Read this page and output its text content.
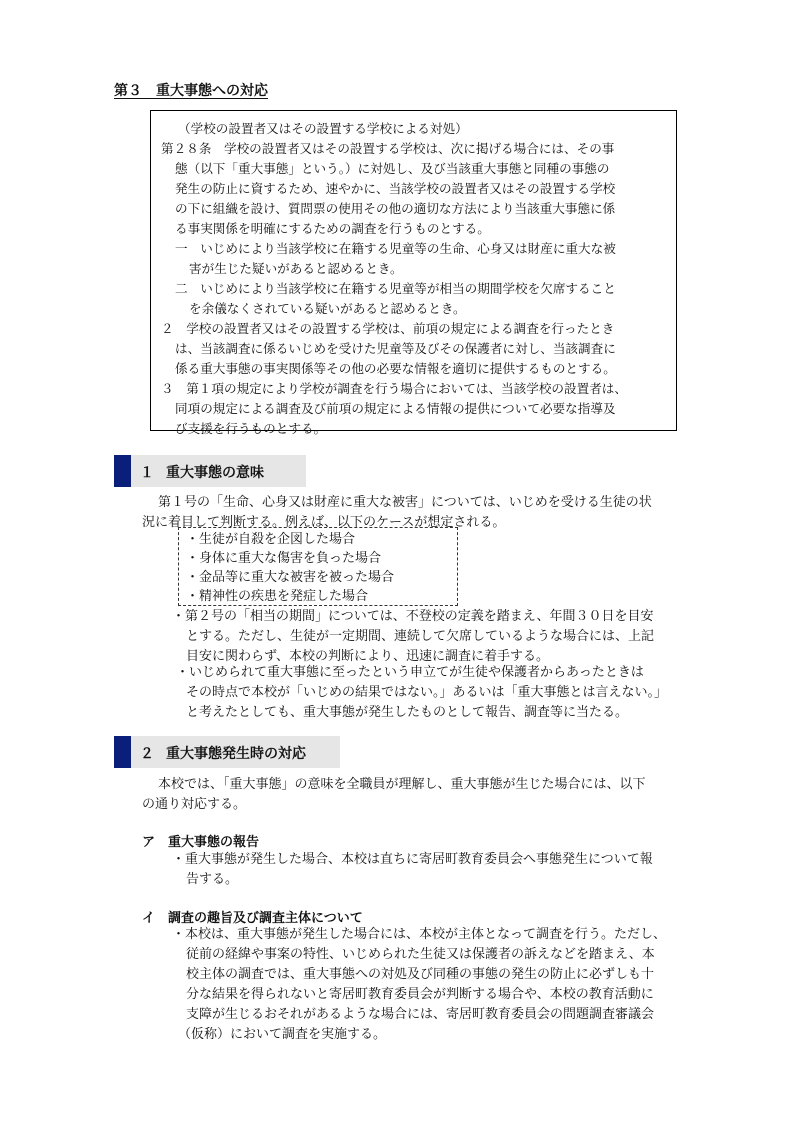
第３　重大事態への対応
（学校の設置者又はその設置する学校による対処）
第２８条　学校の設置者又はその設置する学校は、次に掲げる場合には、その事
態（以下「重大事態」という。）に対処し、及び当該重大事態と同種の事態の
発生の防止に資するため、速やかに、当該学校の設置者又はその設置する学校
の下に組織を設け、質問票の使用その他の適切な方法により当該重大事態に係
る事実関係を明確にするための調査を行うものとする。
一　いじめにより当該学校に在籍する児童等の生命、心身又は財産に重大な被
害が生じた疑いがあると認めるとき。
二　いじめにより当該学校に在籍する児童等が相当の期間学校を欠席すること
を余儀なくされている疑いがあると認めるとき。
２　学校の設置者又はその設置する学校は、前項の規定による調査を行ったとき
は、当該調査に係るいじめを受けた児童等及びその保護者に対し、当該調査に
係る重大事態の事実関係等その他の必要な情報を適切に提供するものとする。
３　第１項の規定により学校が調査を行う場合においては、当該学校の設置者は、
同項の規定による調査及び前項の規定による情報の提供について必要な指導及
び支援を行うものとする。
１ 重大事態の意味
第１号の「生命、心身又は財産に重大な被害」については、いじめを受ける生徒の状
況に着目して判断する。例えば、以下のケースが想定される。
・生徒が自殺を企図した場合
・身体に重大な傷害を負った場合
・金品等に重大な被害を被った場合
・精神性の疾患を発症した場合
・第２号の「相当の期間」については、不登校の定義を踏まえ、年間３０日を目安
とする。ただし、生徒が一定期間、連続して欠席しているような場合には、上記
目安に関わらず、本校の判断により、迅速に調査に着手する。
・いじめられて重大事態に至ったという申立てが生徒や保護者からあったときは
その時点で本校が「いじめの結果ではない。」あるいは「重大事態とは言えない。」
と考えたとしても、重大事態が発生したものとして報告、調査等に当たる。
２ 重大事態発生時の対応
本校では、「重大事態」の意味を全職員が理解し、重大事態が生じた場合には、以下
の通り対応する。
ア　重大事態の報告
・重大事態が発生した場合、本校は直ちに寄居町教育委員会へ事態発生について報
告する。
イ　調査の趣旨及び調査主体について
・本校は、重大事態が発生した場合には、本校が主体となって調査を行う。ただし、
従前の経緯や事案の特性、いじめられた生徒又は保護者の訴えなどを踏まえ、本
校主体の調査では、重大事態への対処及び同種の事態の発生の防止に必ずしも十
分な結果を得られないと寄居町教育委員会が判断する場合や、本校の教育活動に
支障が生じるおそれがあるような場合には、寄居町教育委員会の問題調査審議会
（仮称）において調査を実施する。
